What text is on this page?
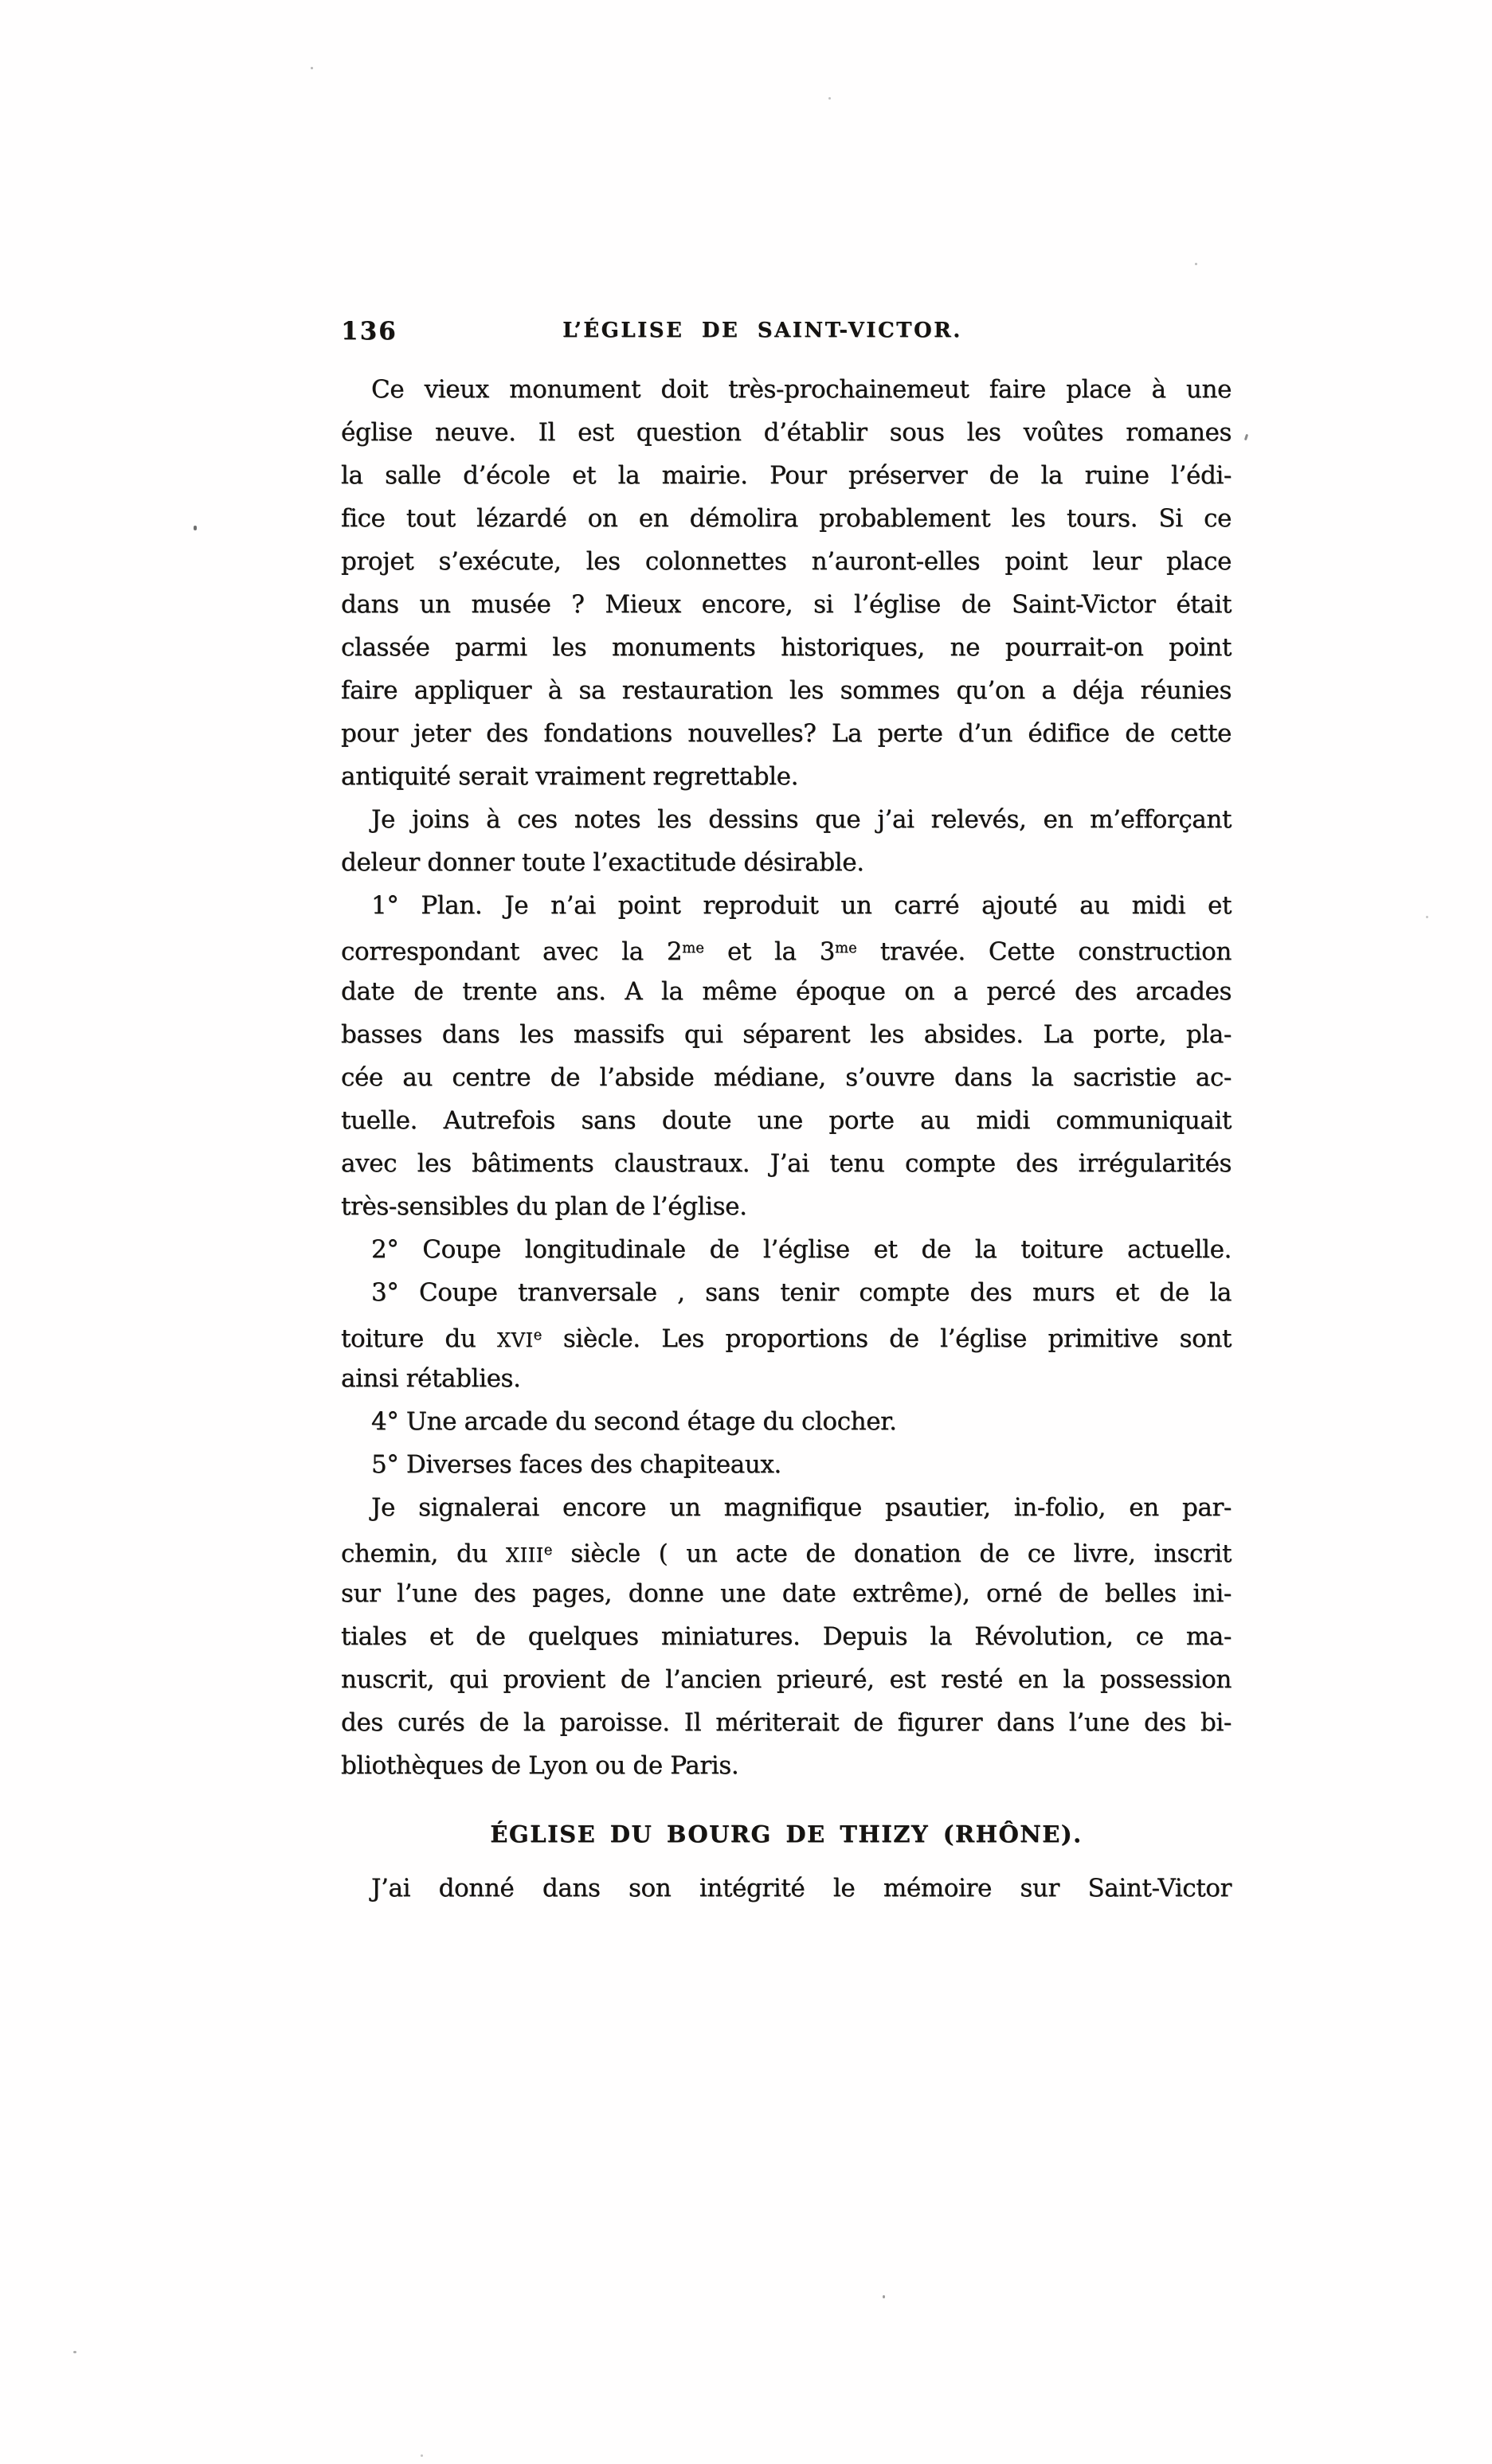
136	L’ÉGLISE DE SAINT-VICTOR.
Ce vieux monument doit très-prochainemeut faire place à une
église neuve. Il est question d’établir sous les voûtes romanes
la salle d’école et la mairie. Pour préserver de la ruine l’édi-
fice tout lézardé on en démolira probablement les tours. Si ce
projet s’exécute, les colonnettes n’auront-elles point leur place
dans un musée ? Mieux encore, si l’église de Saint-Victor était
classée parmi les monuments historiques, ne pourrait-on point
faire appliquer à sa restauration les sommes qu’on a déja réunies
pour jeter des fondations nouvelles? La perte d’un édifice de cette
antiquité serait vraiment regrettable.
Je joins à ces notes les dessins que j’ai relevés, en m’efforçant
deleur donner toute l’exactitude désirable.
1° Plan. Je n’ai point reproduit un carré ajouté au midi et
correspondant avec la $2^{me}$ et la $3^{me}$ travée. Cette construction
date de trente ans. A la même époque on a percé des arcades
basses dans les massifs qui séparent les absides. La porte, pla-
cée au centre de l’abside médiane, s’ouvre dans la sacristie ac-
tuelle. Autrefois sans doute une porte au midi communiquait
avec les bâtiments claustraux. J’ai tenu compte des irrégularités
très-sensibles du plan de l’église.
2° Coupe longitudinale de l’église et de la toiture actuelle.
3° Coupe tranversale , sans tenir compte des murs et de la
toiture du XVIe siècle. Les proportions de l’église primitive sont
ainsi rétablies.
4° Une arcade du second étage du clocher.
5° Diverses faces des chapiteaux.
Je signalerai encore un magnifique psautier, in-folio, en par-
chemin, du XIIIe siècle ( un acte de donation de ce livre, inscrit
sur l’une des pages, donne une date extrême), orné de belles ini-
tiales et de quelques miniatures. Depuis la Révolution, ce ma-
nuscrit, qui provient de l’ancien prieuré, est resté en la possession
des curés de la paroisse. Il mériterait de figurer dans l’une des bi-
bliothèques de Lyon ou de Paris.
ÉGLISE DU BOURG DE THIZY (RHÔNE).
J’ai donné dans son intégrité le mémoire sur Saint-Victor
